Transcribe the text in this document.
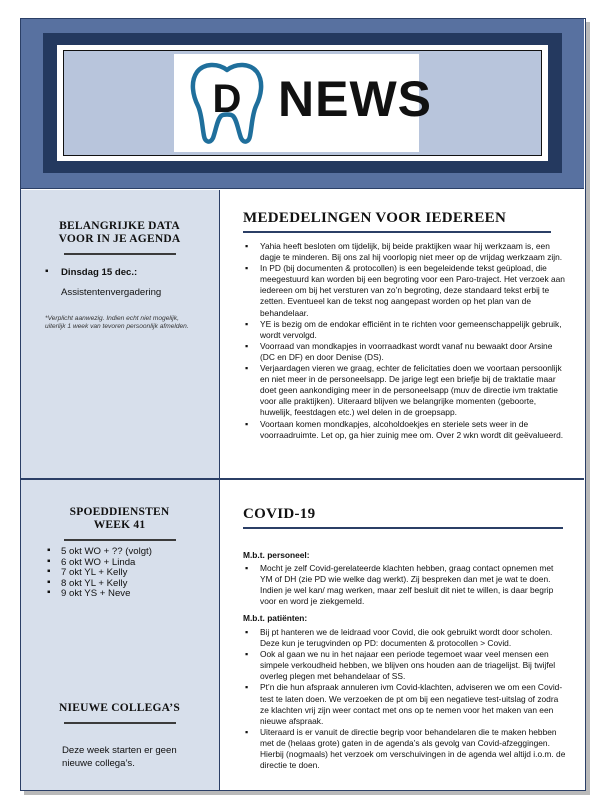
D NEWS
BELANGRIJKE DATA
VOOR IN JE AGENDA
▪ Dinsdag 15 dec.:
Assistentenvergadering
*Verplicht aanwezig. Indien echt niet mogelijk, uiterlijk 1 week van tevoren persoonlijk afmelden.
SPOEDDIENSTEN
WEEK 41
▪ 5 okt WO + ?? (volgt)
▪ 6 okt WO + Linda
▪ 7 okt YL + Kelly
▪ 8 okt YL + Kelly
▪ 9 okt YS + Neve
NIEUWE COLLEGA’S
Deze week starten er geen nieuwe collega’s.
MEDEDELINGEN VOOR IEDEREEN
▪ Yahia heeft besloten om tijdelijk, bij beide praktijken waar hij werkzaam is, een dagje te minderen. Bij ons zal hij voorlopig niet meer op de vrijdag werkzaam zijn.
▪ In PD (bij documenten & protocollen) is een begeleidende tekst geüpload, die meegestuurd kan worden bij een begroting voor een Paro-traject. Het verzoek aan iedereen om bij het versturen van zo’n begroting, deze standaard tekst erbij te zetten. Eventueel kan de tekst nog aangepast worden op het plan van de behandelaar.
▪ YE is bezig om de endokar efficiënt in te richten voor gemeenschappelijk gebruik, wordt vervolgd.
▪ Voorraad van mondkapjes in voorraadkast wordt vanaf nu bewaakt door Arsine (DC en DF) en door Denise (DS).
▪ Verjaardagen vieren we graag, echter de felicitaties doen we voortaan persoonlijk en niet meer in de personeelsapp. De jarige legt een briefje bij de traktatie maar doet geen aankondiging meer in de personeelsapp (muv de directie ivm traktatie voor alle praktijken). Uiteraard blijven we belangrijke momenten (geboorte, huwelijk, feestdagen etc.) wel delen in de groepsapp.
▪ Voortaan komen mondkapjes, alcoholdoekjes en steriele sets weer in de voorraadruimte. Let op, ga hier zuinig mee om. Over 2 wkn wordt dit geëvalueerd.
COVID-19
M.b.t. personeel:
▪ Mocht je zelf Covid-gerelateerde klachten hebben, graag contact opnemen met YM of DH (zie PD wie welke dag werkt). Zij bespreken dan met je wat te doen. Indien je wel kan/ mag werken, maar zelf besluit dit niet te willen, is daar begrip voor en word je ziekgemeld.
M.b.t. patiënten:
▪ Bij pt hanteren we de leidraad voor Covid, die ook gebruikt wordt door scholen. Deze kun je terugvinden op PD: documenten & protocollen > Covid.
▪ Ook al gaan we nu in het najaar een periode tegemoet waar veel mensen een simpele verkoudheid hebben, we blijven ons houden aan de triagelijst. Bij twijfel overleg plegen met behandelaar of SS.
▪ Pt’n die hun afspraak annuleren ivm Covid-klachten, adviseren we om een Covid-test te laten doen. We verzoeken de pt om bij een negatieve test-uitslag of zodra ze klachten vrij zijn weer contact met ons op te nemen voor het maken van een nieuwe afspraak.
▪ Uiteraard is er vanuit de directie begrip voor behandelaren die te maken hebben met de (helaas grote) gaten in de agenda’s als gevolg van Covid-afzeggingen. Hierbij (nogmaals) het verzoek om verschuivingen in de agenda wel altijd i.o.m. de directie te doen.
